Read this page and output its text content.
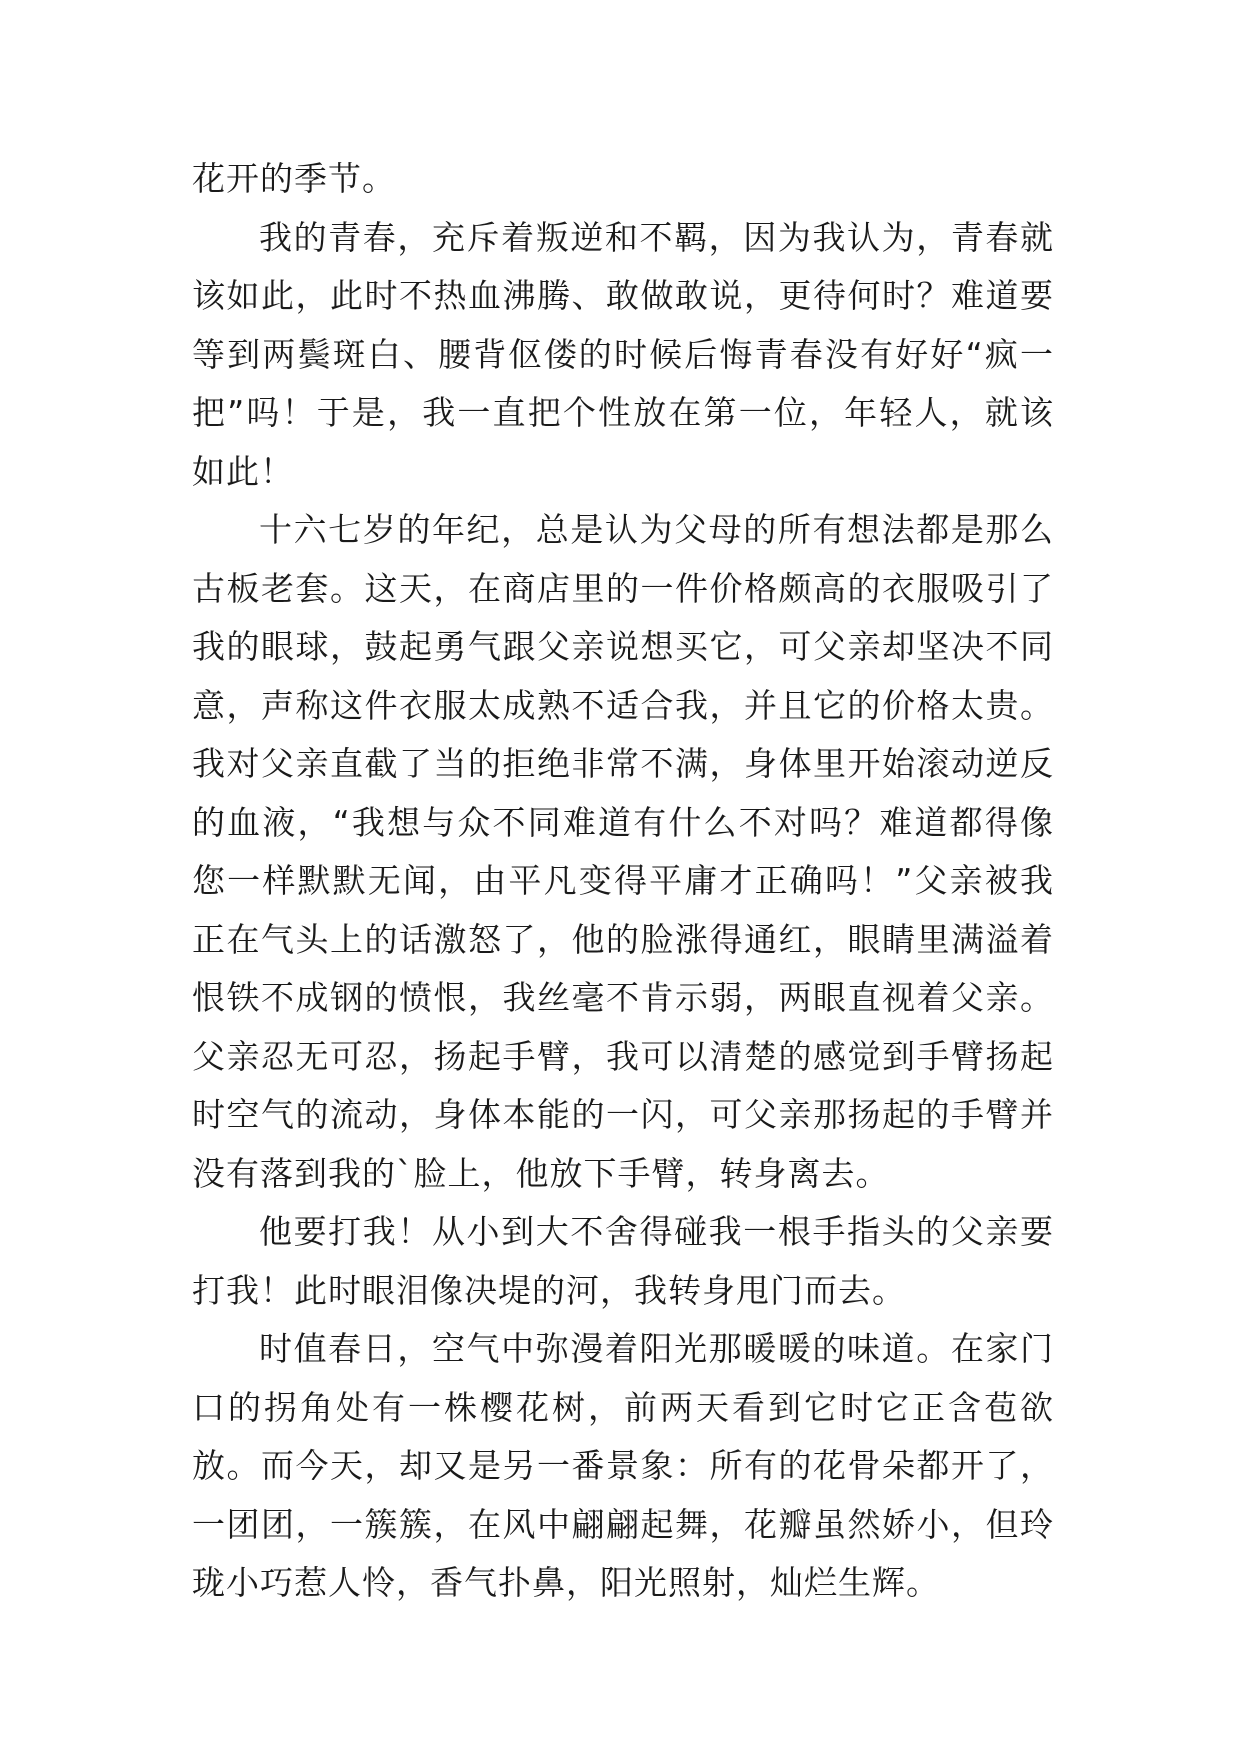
花开的季节。

我的青春，充斥着叛逆和不羁，因为我认为，青春就该如此，此时不热血沸腾、敢做敢说，更待何时？难道要等到两鬓斑白、腰背伛偻的时候后悔青春没有好好“疯一把”吗！于是，我一直把个性放在第一位，年轻人，就该如此！

十六七岁的年纪，总是认为父母的所有想法都是那么古板老套。这天，在商店里的一件价格颇高的衣服吸引了我的眼球，鼓起勇气跟父亲说想买它，可父亲却坚决不同意，声称这件衣服太成熟不适合我，并且它的价格太贵。我对父亲直截了当的拒绝非常不满，身体里开始滚动逆反的血液，“我想与众不同难道有什么不对吗？难道都得像您一样默默无闻，由平凡变得平庸才正确吗！”父亲被我正在气头上的话激怒了，他的脸涨得通红，眼睛里满溢着恨铁不成钢的愤恨，我丝毫不肯示弱，两眼直视着父亲。父亲忍无可忍，扬起手臂，我可以清楚的感觉到手臂扬起时空气的流动，身体本能的一闪，可父亲那扬起的手臂并没有落到我的`脸上，他放下手臂，转身离去。

他要打我！从小到大不舍得碰我一根手指头的父亲要打我！此时眼泪像决堤的河，我转身甩门而去。

时值春日，空气中弥漫着阳光那暖暖的味道。在家门口的拐角处有一株樱花树，前两天看到它时它正含苞欲放。而今天，却又是另一番景象：所有的花骨朵都开了，一团团，一簇簇，在风中翩翩起舞，花瓣虽然娇小，但玲珑小巧惹人怜，香气扑鼻，阳光照射，灿烂生辉。
